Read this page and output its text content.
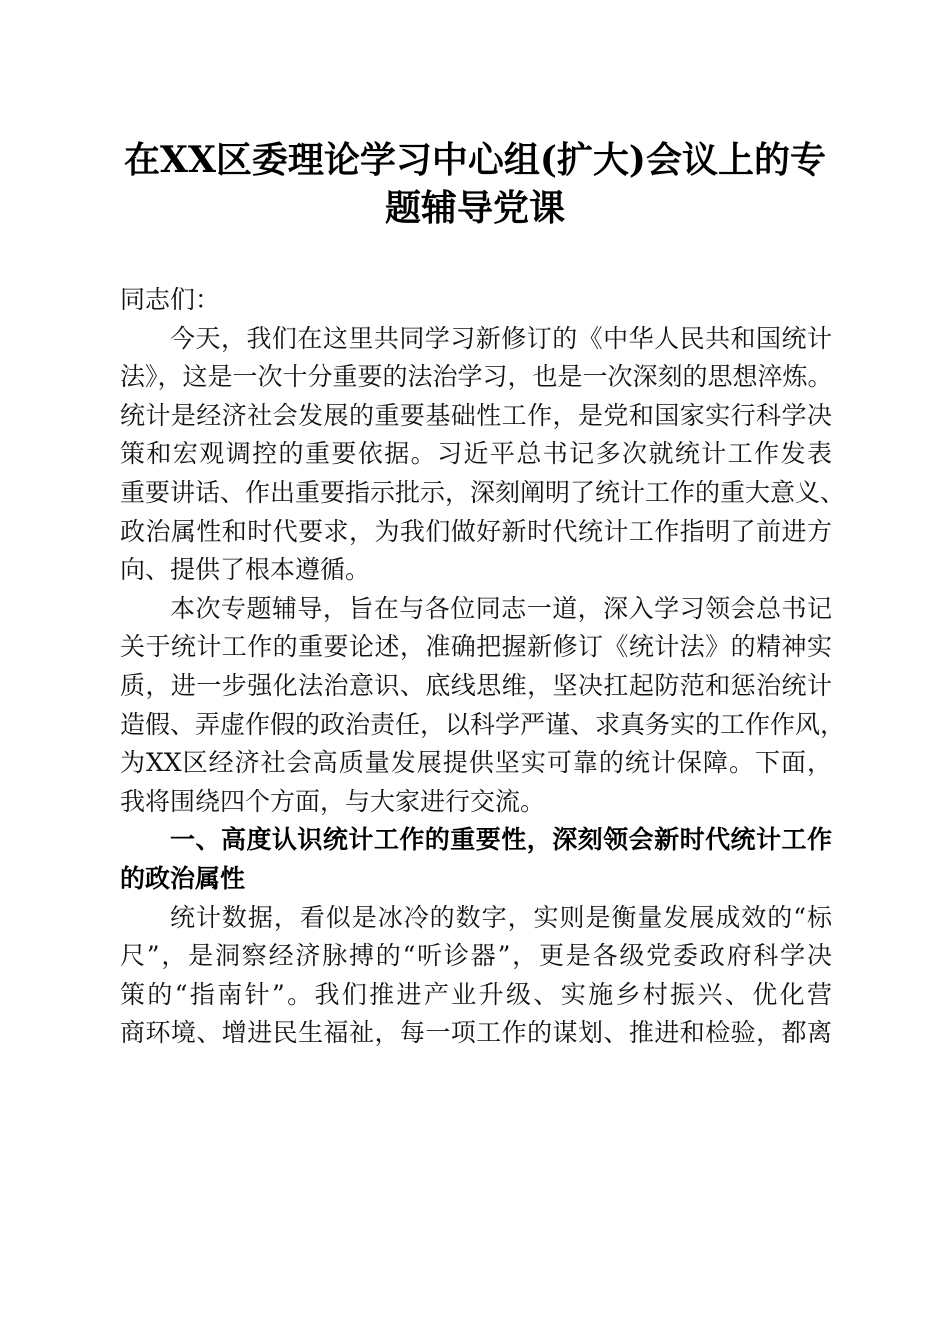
在XX区委理论学习中心组(扩大)会议上的专
题辅导党课
同志们：
今天，我们在这里共同学习新修订的《中华人民共和国统计
法》，这是一次十分重要的法治学习，也是一次深刻的思想淬炼。
统计是经济社会发展的重要基础性工作，是党和国家实行科学决
策和宏观调控的重要依据。习近平总书记多次就统计工作发表
重要讲话、作出重要指示批示，深刻阐明了统计工作的重大意义、
政治属性和时代要求，为我们做好新时代统计工作指明了前进方
向、提供了根本遵循。
本次专题辅导，旨在与各位同志一道，深入学习领会总书记
关于统计工作的重要论述，准确把握新修订《统计法》的精神实
质，进一步强化法治意识、底线思维，坚决扛起防范和惩治统计
造假、弄虚作假的政治责任，以科学严谨、求真务实的工作作风，
为XX区经济社会高质量发展提供坚实可靠的统计保障。下面，
我将围绕四个方面，与大家进行交流。
一、高度认识统计工作的重要性，深刻领会新时代统计工作
的政治属性
统计数据，看似是冰冷的数字，实则是衡量发展成效的“标
尺”，是洞察经济脉搏的“听诊器”，更是各级党委政府科学决
策的“指南针”。我们推进产业升级、实施乡村振兴、优化营
商环境、增进民生福祉，每一项工作的谋划、推进和检验，都离
